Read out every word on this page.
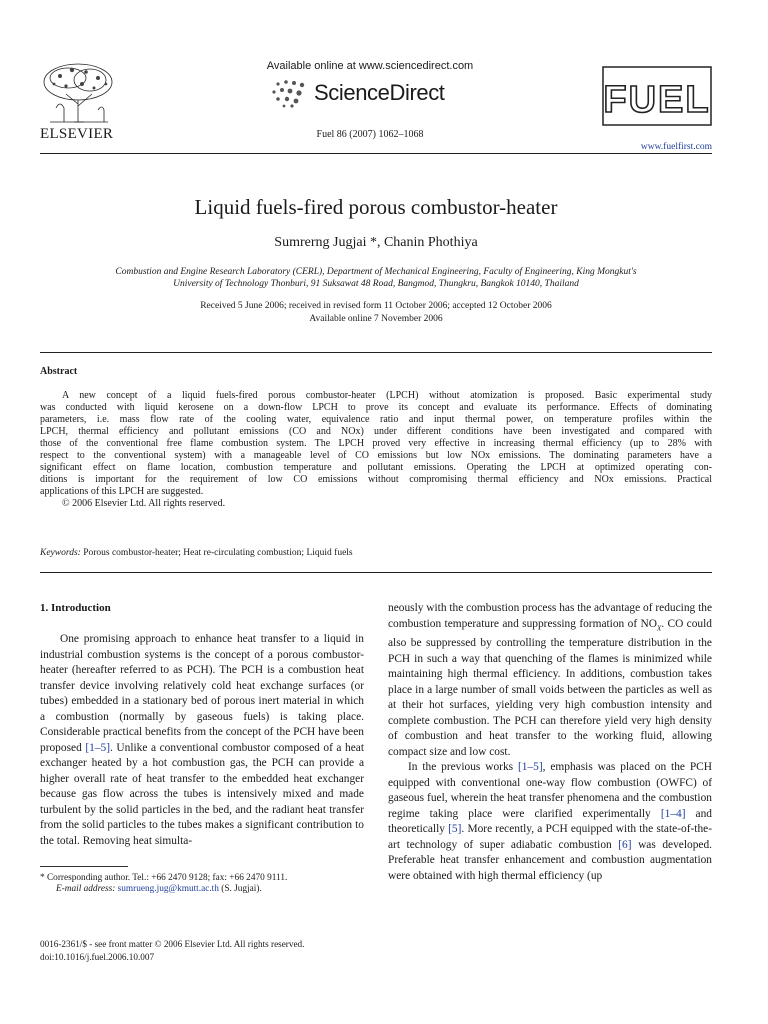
ELSEVIER
Available online at www.sciencedirect.com
ScienceDirect
Fuel 86 (2007) 1062–1068
FUEL
www.fuelfirst.com
Liquid fuels-fired porous combustor-heater
Sumrerng Jugjai *, Chanin Phothiya
Combustion and Engine Research Laboratory (CERL), Department of Mechanical Engineering, Faculty of Engineering, King Mongkut's
University of Technology Thonburi, 91 Suksawat 48 Road, Bangmod, Thungkru, Bangkok 10140, Thailand
Received 5 June 2006; received in revised form 11 October 2006; accepted 12 October 2006
Available online 7 November 2006
Abstract
A new concept of a liquid fuels-fired porous combustor-heater (LPCH) without atomization is proposed. Basic experimental study
was conducted with liquid kerosene on a down-flow LPCH to prove its concept and evaluate its performance. Effects of dominating
parameters, i.e. mass flow rate of the cooling water, equivalence ratio and input thermal power, on temperature profiles within the
LPCH, thermal efficiency and pollutant emissions (CO and NOx) under different conditions have been investigated and compared with
those of the conventional free flame combustion system. The LPCH proved very effective in increasing thermal efficiency (up to 28% with
respect to the conventional system) with a manageable level of CO emissions but low NOx emissions. The dominating parameters have a
significant effect on flame location, combustion temperature and pollutant emissions. Operating the LPCH at optimized operating con-
ditions is important for the requirement of low CO emissions without compromising thermal efficiency and NOx emissions. Practical
applications of this LPCH are suggested.
© 2006 Elsevier Ltd. All rights reserved.
Keywords: Porous combustor-heater; Heat re-circulating combustion; Liquid fuels
1. Introduction

One promising approach to enhance heat transfer to a liquid in industrial combustion systems is the concept of a porous combustor-heater (hereafter referred to as PCH). The PCH is a combustion heat transfer device involving relatively cold heat exchange surfaces (or tubes) embedded in a stationary bed of porous inert material in which a combustion (normally by gaseous fuels) is taking place. Considerable practical benefits from the concept of the PCH have been proposed [1–5]. Unlike a conventional combustor composed of a heat exchanger heated by a hot combustion gas, the PCH can provide a higher overall rate of heat transfer to the embedded heat exchanger because gas flow across the tubes is intensively mixed and made turbulent by the solid particles in the bed, and the radiant heat transfer from the solid particles to the tubes makes a significant contribution to the total. Removing heat simulta-

neously with the combustion process has the advantage of reducing the combustion temperature and suppressing formation of $NO_X$. CO could also be suppressed by controlling the temperature distribution in the PCH in such a way that quenching of the flames is minimized while maintaining high thermal efficiency. In additions, combustion takes place in a large number of small voids between the particles as well as at their hot surfaces, yielding very high combustion intensity and complete combustion. The PCH can therefore yield very high density of combustion and heat transfer to the working fluid, allowing compact size and low cost.

In the previous works [1–5], emphasis was placed on the PCH equipped with conventional one-way flow combustion (OWFC) of gaseous fuel, wherein the heat transfer phenomena and the combustion regime taking place were clarified experimentally [1–4] and theoretically [5]. More recently, a PCH equipped with the state-of-the-art technology of super adiabatic combustion [6] was developed. Preferable heat transfer enhancement and combustion augmentation were obtained with high thermal efficiency (up

* Corresponding author. Tel.: +66 2470 9128; fax: +66 2470 9111.
E-mail address: sumrueng.jug@kmutt.ac.th (S. Jugjai).
0016-2361/$ - see front matter © 2006 Elsevier Ltd. All rights reserved.
doi:10.1016/j.fuel.2006.10.007
